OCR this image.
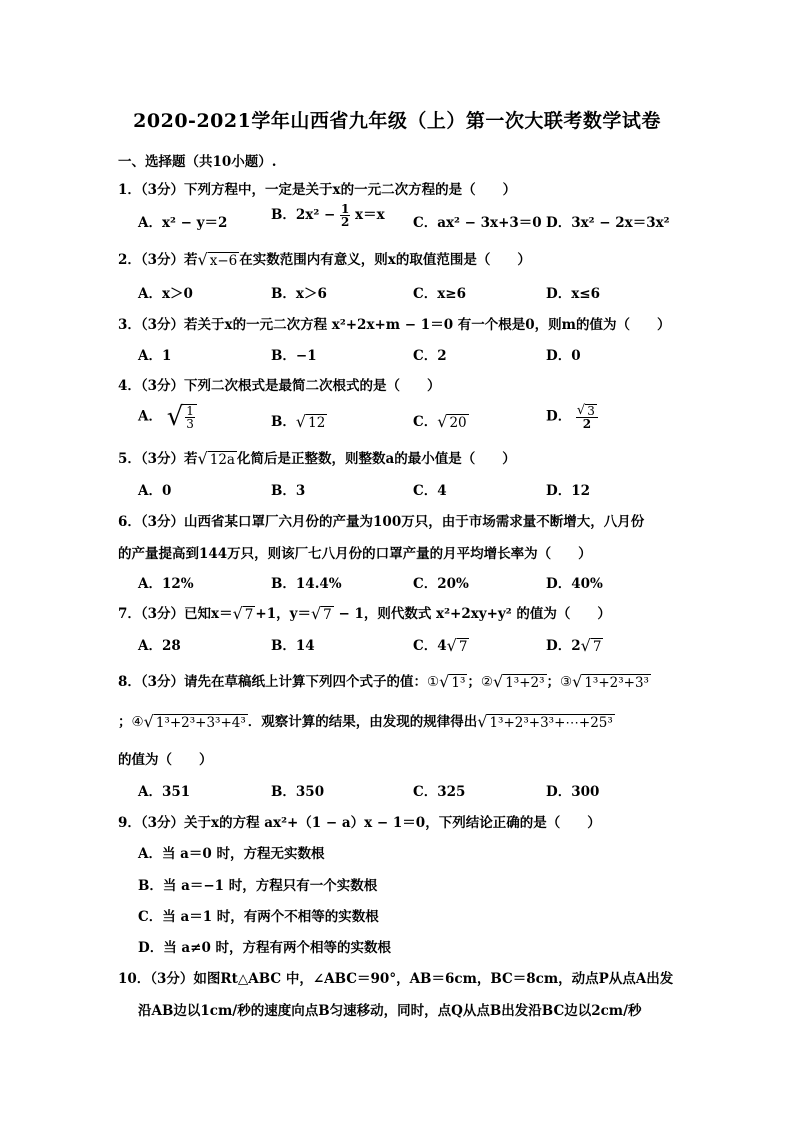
2020-2021学年山西省九年级（上）第一次大联考数学试卷
一、选择题（共10小题）.
1．（3分）下列方程中，一定是关于x的一元二次方程的是（　　）
A．x² − y＝2	B．$2x^2 - \frac{1}{2} x=x$ C．ax² − 3x+3＝0 D．3x² − 2x＝3x²
2．（3分）若 √ x−6 在实数范围内有意义，则x的取值范围是（　　）
A．x＞0	B．x＞6	C．x≥6	D．x≤6
3．（3分）若关于x的一元二次方程 x²+2x+m − 1＝0 有一个根是0，则m的值为（　　）
A．1	B．−1	C．2	D．0
4．（3分）下列二次根式是最简二次根式的是（　　）
A． √ $\frac{1}{3}$	B． √ 12	C． √ 20	D． $\frac{√ 3}{2}$
5．（3分）若 √ 12a 化简后是正整数，则整数a的最小值是（　　）
A．0	B．3	C．4	D．12
6．（3分）山西省某口罩厂六月份的产量为100万只，由于市场需求量不断增大，八月份
的产量提高到144万只，则该厂七八月份的口罩产量的月平均增长率为（　　）
A．12%	B．14.4%	C．20%	D．40%
7．（3分）已知x＝ √ 7 +1，y＝ √ 7 − 1，则代数式 x²+2xy+y² 的值为（　　）
A．28	B．14	C．4 √ 7	D．2 √ 7
8．（3分）请先在草稿纸上计算下列四个式子的值：① √ 1³ ；② √ 1³+2³ ；③ √ 1³+2³+3³
；④ √ 1³+2³+3³+4³ ．观察计算的结果，由发现的规律得出 √ 1³+2³+3³+⋯+25³
的值为（　　）
A．351	B．350	C．325	D．300
9．（3分）关于x的方程 ax²+（1 − a）x − 1＝0，下列结论正确的是（　　）
A．当 a＝0 时，方程无实数根
B．当 a＝−1 时，方程只有一个实数根
C．当 a＝1 时，有两个不相等的实数根
D．当 a≠0 时，方程有两个相等的实数根
10．（3分）如图Rt△ABC 中，∠ABC＝90°，AB＝6cm，BC＝8cm，动点P从点A出发
沿AB边以1cm/秒的速度向点B匀速移动，同时，点Q从点B出发沿BC边以2cm/秒
